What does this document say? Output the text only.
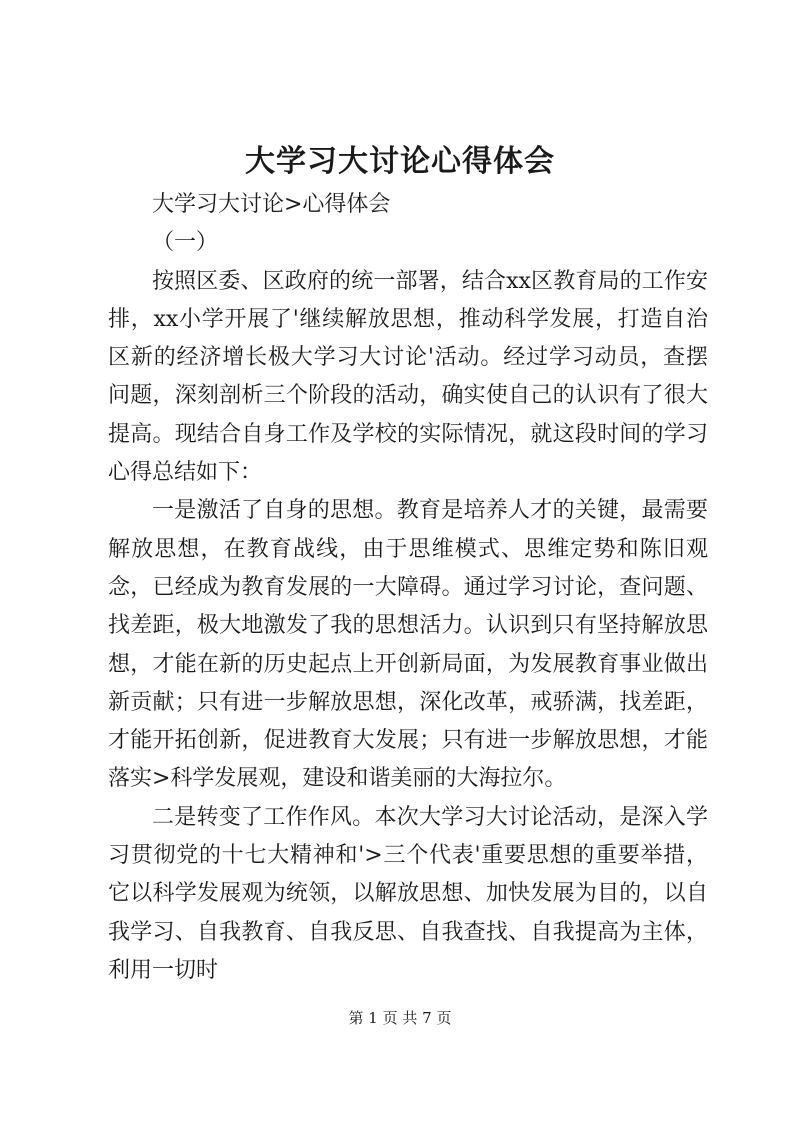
大学习大讨论心得体会

大学习大讨论>心得体会

（一）

按照区委、区政府的统一部署，结合xx区教育局的工作安排，xx小学开展了'继续解放思想，推动科学发展，打造自治区新的经济增长极大学习大讨论'活动。经过学习动员，查摆问题，深刻剖析三个阶段的活动，确实使自己的认识有了很大提高。现结合自身工作及学校的实际情况，就这段时间的学习心得总结如下：

一是激活了自身的思想。教育是培养人才的关键，最需要解放思想，在教育战线，由于思维模式、思维定势和陈旧观念，已经成为教育发展的一大障碍。通过学习讨论，查问题、找差距，极大地激发了我的思想活力。认识到只有坚持解放思想，才能在新的历史起点上开创新局面，为发展教育事业做出新贡献；只有进一步解放思想，深化改革，戒骄满，找差距，才能开拓创新，促进教育大发展；只有进一步解放思想，才能落实>科学发展观，建设和谐美丽的大海拉尔。

二是转变了工作作风。本次大学习大讨论活动，是深入学习贯彻党的十七大精神和'>三个代表'重要思想的重要举措，它以科学发展观为统领，以解放思想、加快发展为目的，以自我学习、自我教育、自我反思、自我查找、自我提高为主体，利用一切时

第 1 页 共 7 页
